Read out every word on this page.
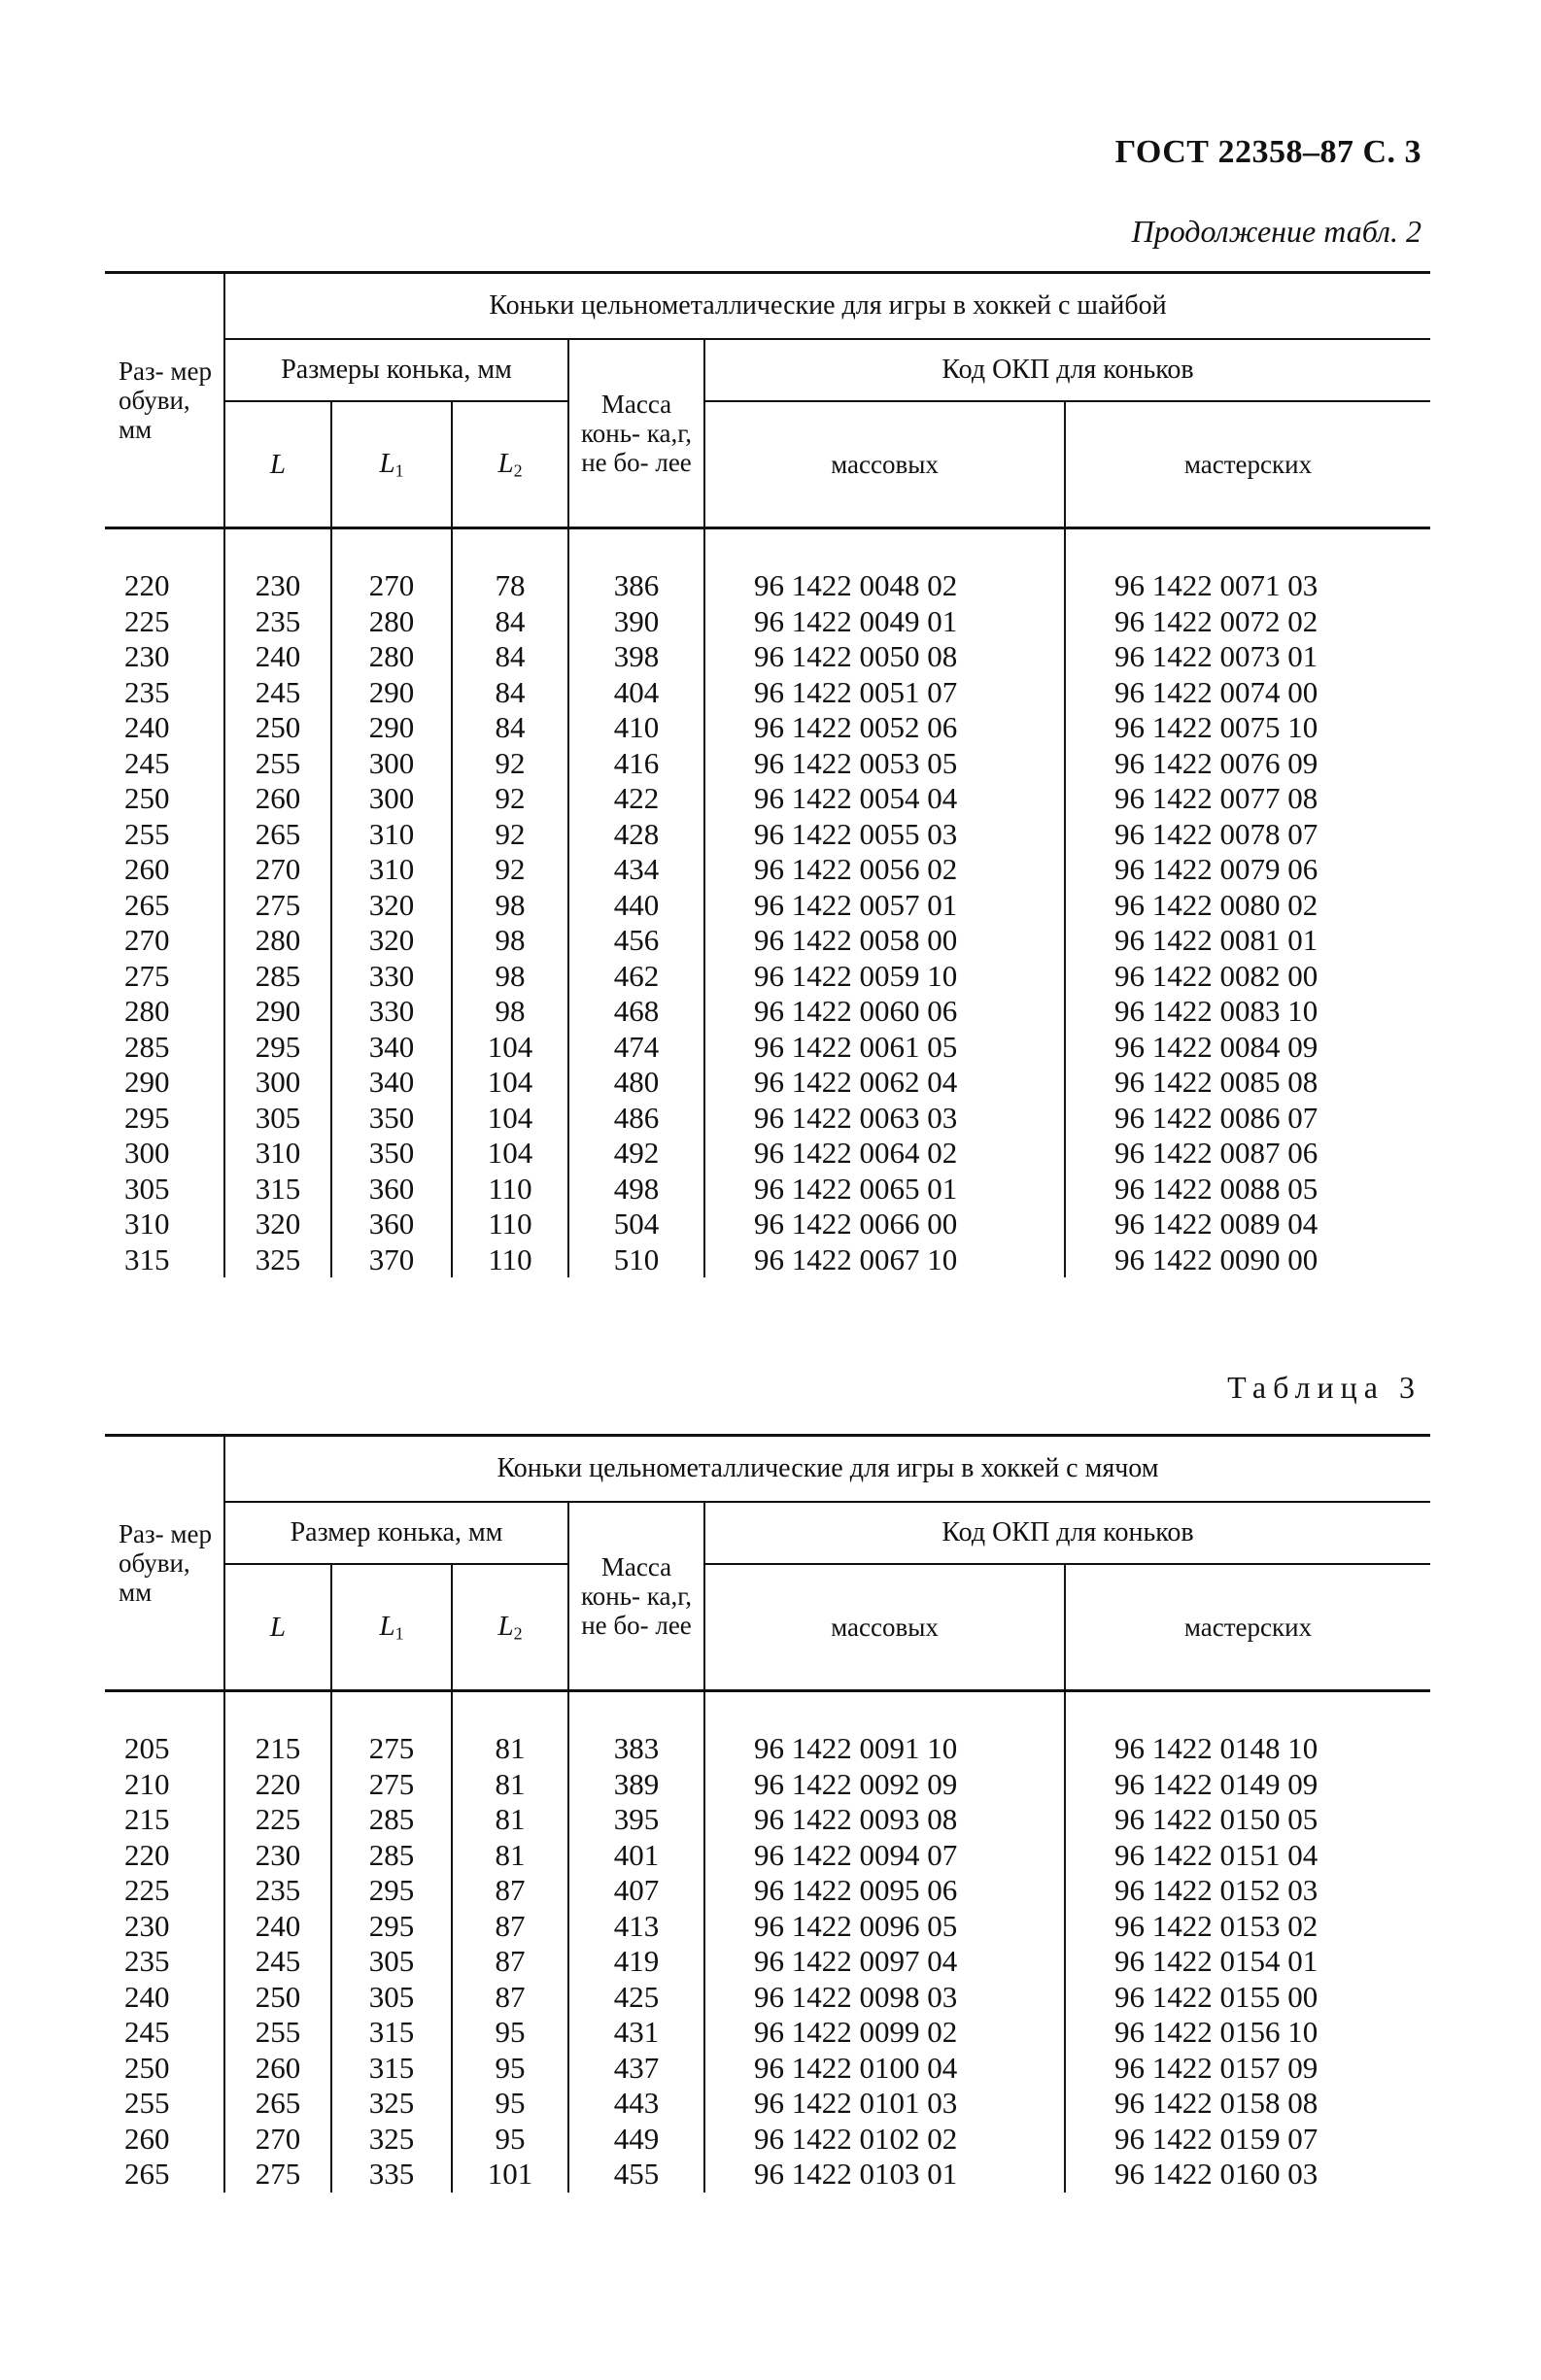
ГОСТ 22358–87 С. 3
Продолжение табл. 2
Раз- мер обуви, мм	Коньки цельнометаллические для игры в хоккей с шайбой					
	Размеры конька, мм			Масса конь- ка,г, не бо- лее	Код ОКП для коньков	
	L	$L_1$	$L_2$		массовых	мастерских

220	230	270	78	386	96 1422 0048 02	96 1422 0071 03
225	235	280	84	390	96 1422 0049 01	96 1422 0072 02
230	240	280	84	398	96 1422 0050 08	96 1422 0073 01
235	245	290	84	404	96 1422 0051 07	96 1422 0074 00
240	250	290	84	410	96 1422 0052 06	96 1422 0075 10
245	255	300	92	416	96 1422 0053 05	96 1422 0076 09
250	260	300	92	422	96 1422 0054 04	96 1422 0077 08
255	265	310	92	428	96 1422 0055 03	96 1422 0078 07
260	270	310	92	434	96 1422 0056 02	96 1422 0079 06
265	275	320	98	440	96 1422 0057 01	96 1422 0080 02
270	280	320	98	456	96 1422 0058 00	96 1422 0081 01
275	285	330	98	462	96 1422 0059 10	96 1422 0082 00
280	290	330	98	468	96 1422 0060 06	96 1422 0083 10
285	295	340	104	474	96 1422 0061 05	96 1422 0084 09
290	300	340	104	480	96 1422 0062 04	96 1422 0085 08
295	305	350	104	486	96 1422 0063 03	96 1422 0086 07
300	310	350	104	492	96 1422 0064 02	96 1422 0087 06
305	315	360	110	498	96 1422 0065 01	96 1422 0088 05
310	320	360	110	504	96 1422 0066 00	96 1422 0089 04
315	325	370	110	510	96 1422 0067 10	96 1422 0090 00
Таблица 3
Раз- мер обуви, мм	Коньки цельнометаллические для игры в хоккей с мячом					
	Размер конька, мм			Масса конь- ка,г, не бо- лее	Код ОКП для коньков	
	L	$L_1$	$L_2$		массовых	мастерских

205	215	275	81	383	96 1422 0091 10	96 1422 0148 10
210	220	275	81	389	96 1422 0092 09	96 1422 0149 09
215	225	285	81	395	96 1422 0093 08	96 1422 0150 05
220	230	285	81	401	96 1422 0094 07	96 1422 0151 04
225	235	295	87	407	96 1422 0095 06	96 1422 0152 03
230	240	295	87	413	96 1422 0096 05	96 1422 0153 02
235	245	305	87	419	96 1422 0097 04	96 1422 0154 01
240	250	305	87	425	96 1422 0098 03	96 1422 0155 00
245	255	315	95	431	96 1422 0099 02	96 1422 0156 10
250	260	315	95	437	96 1422 0100 04	96 1422 0157 09
255	265	325	95	443	96 1422 0101 03	96 1422 0158 08
260	270	325	95	449	96 1422 0102 02	96 1422 0159 07
265	275	335	101	455	96 1422 0103 01	96 1422 0160 03
